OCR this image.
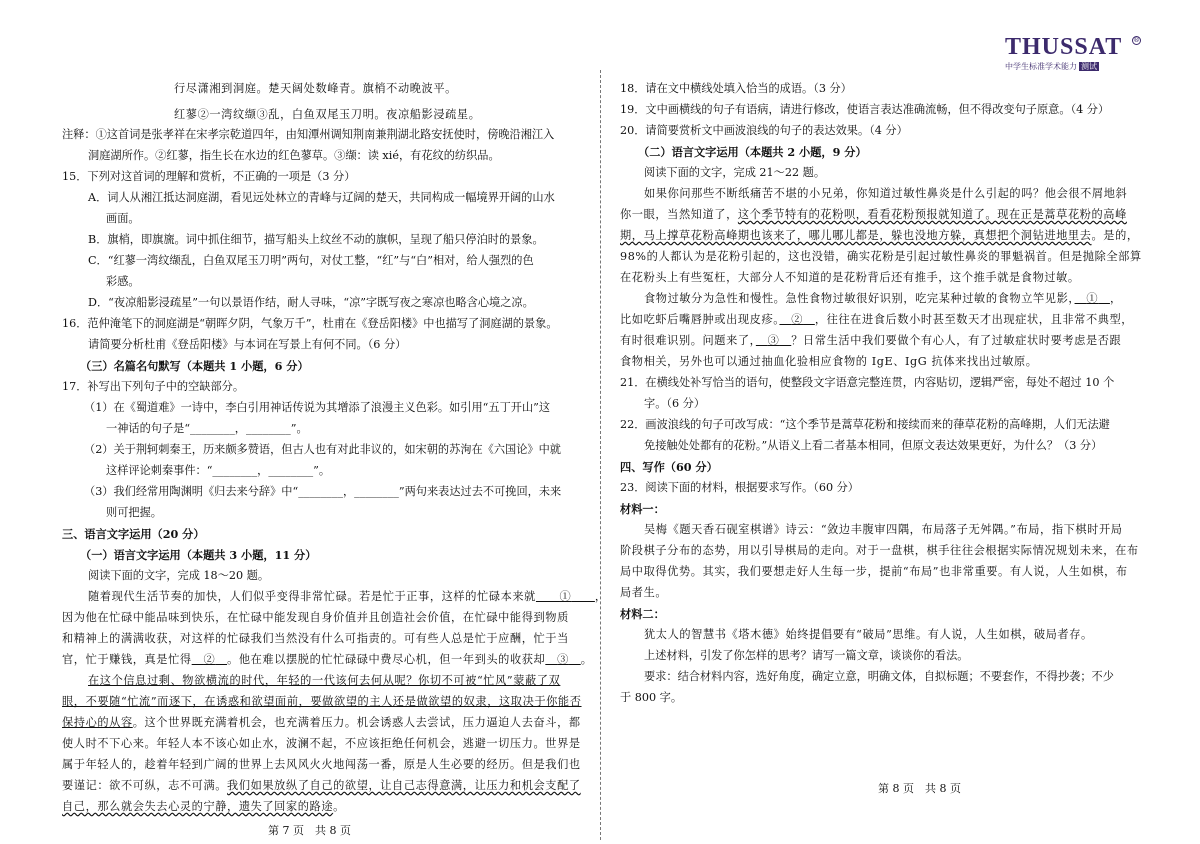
行尽潇湘到洞庭。楚天阔处数峰青。旗梢不动晚波平。
红蓼②一湾纹缬③乱，白鱼双尾玉刀明。夜凉船影浸疏星。
注释：①这首词是张孝祥在宋孝宗乾道四年，由知潭州调知荆南兼荆湖北路安抚使时，傍晚沿湘江入
洞庭湖所作。②红蓼，指生长在水边的红色蓼草。③缬：读 xié，有花纹的纺织品。
15．下列对这首词的理解和赏析，不正确的一项是（3 分）
A．词人从湘江抵达洞庭湖，看见远处林立的青峰与辽阔的楚天，共同构成一幅境界开阔的山水
画面。
B．旗梢，即旗旒。词中抓住细节，描写船头上纹丝不动的旗帜，呈现了船只停泊时的景象。
C．“红蓼一湾纹缬乱，白鱼双尾玉刀明”两句，对仗工整，“红”与“白”相对，给人强烈的色
彩感。
D．“夜凉船影浸疏星”一句以景语作结，耐人寻味，“凉”字既写夜之寒凉也略含心境之凉。
16．范仲淹笔下的洞庭湖是“朝晖夕阴，气象万千”，杜甫在《登岳阳楼》中也描写了洞庭湖的景象。
请简要分析杜甫《登岳阳楼》与本词在写景上有何不同。（6 分）
（三）名篇名句默写（本题共 1 小题，6 分）
17．补写出下列句子中的空缺部分。
（1）在《蜀道难》一诗中，李白引用神话传说为其增添了浪漫主义色彩。如引用“五丁开山”这
一神话的句子是“________，________”。
（2）关于荆轲刺秦王，历来颇多赞语，但古人也有对此非议的，如宋朝的苏洵在《六国论》中就
这样评论刺秦事件：“________，________”。
（3）我们经常用陶渊明《归去来兮辞》中“________，________”两句来表达过去不可挽回，未来
则可把握。
三、语言文字运用（20 分）
（一）语言文字运用（本题共 3 小题，11 分）
阅读下面的文字，完成 18～20 题。
随着现代生活节奏的加快，人们似乎变得非常忙碌。若是忙于正事，这样的忙碌本来就　　 ①　　 ，
因为他在忙碌中能品味到快乐，在忙碌中能发现自身价值并且创造社会价值，在忙碌中能得到物质
和精神上的满满收获，对这样的忙碌我们当然没有什么可指责的。可有些人总是忙于应酬，忙于当
官，忙于赚钱，真是忙得　 ②　 。他在难以摆脱的忙忙碌碌中费尽心机，但一年到头的收获却　 ③　 。
在这个信息过剩、物欲横流的时代，年轻的一代该何去何从呢？你切不可被“忙风”蒙蔽了双
眼，不要随“忙流”而逐下，在诱惑和欲望面前，要做欲望的主人还是做欲望的奴隶，这取决于你能否
保持心的从容。这个世界既充满着机会，也充满着压力。机会诱惑人去尝试，压力逼迫人去奋斗，都
使人时不下心来。年轻人本不该心如止水，波澜不起，不应该拒绝任何机会，逃避一切压力。世界是
属于年轻人的，趁着年轻到广阔的世界上去风风火火地闯荡一番，原是人生必要的经历。但是我们也
要谨记：欲不可纵，志不可满。我们如果放纵了自己的欲望，让自己志得意满，让压力和机会支配了
自己，那么就会失去心灵的宁静，遗失了回家的路途。
第 7 页　共 8 页
THUSSAT ®
中学生标准学术能力 测试
18．请在文中横线处填入恰当的成语。（3 分）
19．文中画横线的句子有语病，请进行修改，使语言表达准确流畅，但不得改变句子原意。（4 分）
20．请简要赏析文中画波浪线的句子的表达效果。（4 分）
（二）语言文字运用（本题共 2 小题，9 分）
阅读下面的文字，完成 21～22 题。
如果你问那些不断纸痛苦不堪的小兄弟，你知道过敏性鼻炎是什么引起的吗？他会很不屑地斜
你一眼，当然知道了，这个季节特有的花粉呗，看看花粉预报就知道了。现在正是蒿草花粉的高峰
期，马上撑草花粉高峰期也该来了，哪儿哪儿都是，躲也没地方躲，真想把个洞钻进地里去。是的，
98%的人都认为是花粉引起的，这也没错，确实花粉是引起过敏性鼻炎的罪魁祸首。但是抛除全部算
在花粉头上有些冤枉，大部分人不知道的是花粉背后还有推手，这个推手就是食物过敏。
食物过敏分为急性和慢性。急性食物过敏很好识别，吃完某种过敏的食物立竿见影，　 ①　 ，
比如吃虾后嘴唇肿或出现皮疹。　 ②　 ，往往在进食后数小时甚至数天才出现症状，且非常不典型，
有时很难识别。问题来了，　 ③　 ？日常生活中我们要做个有心人，有了过敏症状时要考虑是否跟
食物相关，另外也可以通过抽血化验相应食物的 IgE、IgG 抗体来找出过敏原。
21．在横线处补写恰当的语句，使整段文字语意完整连贯，内容贴切，逻辑严密，每处不超过 10 个
字。（6 分）
22．画波浪线的句子可改写成：“这个季节是蒿草花粉和接续而来的葎草花粉的高峰期，人们无法避
免接触处处都有的花粉。”从语义上看二者基本相同，但原文表达效果更好，为什么？（3 分）
四、写作（60 分）
23．阅读下面的材料，根据要求写作。（60 分）
材料一：
吴梅《题天香石砚室棋谱》诗云：“敛边丰腹审四隅，布局落子无舛隅。”布局，指下棋时开局
阶段棋子分布的态势，用以引导棋局的走向。对于一盘棋，棋手往往会根据实际情况规划未来，在布
局中取得优势。其实，我们要想走好人生每一步，提前“布局”也非常重要。有人说，人生如棋，布
局者生。
材料二：
犹太人的智慧书《塔木德》始终提倡要有“破局”思维。有人说，人生如棋，破局者存。
上述材料，引发了你怎样的思考？请写一篇文章，谈谈你的看法。
要求：结合材料内容，选好角度，确定立意，明确文体，自拟标题；不要套作，不得抄袭；不少
于 800 字。
第 8 页　共 8 页
